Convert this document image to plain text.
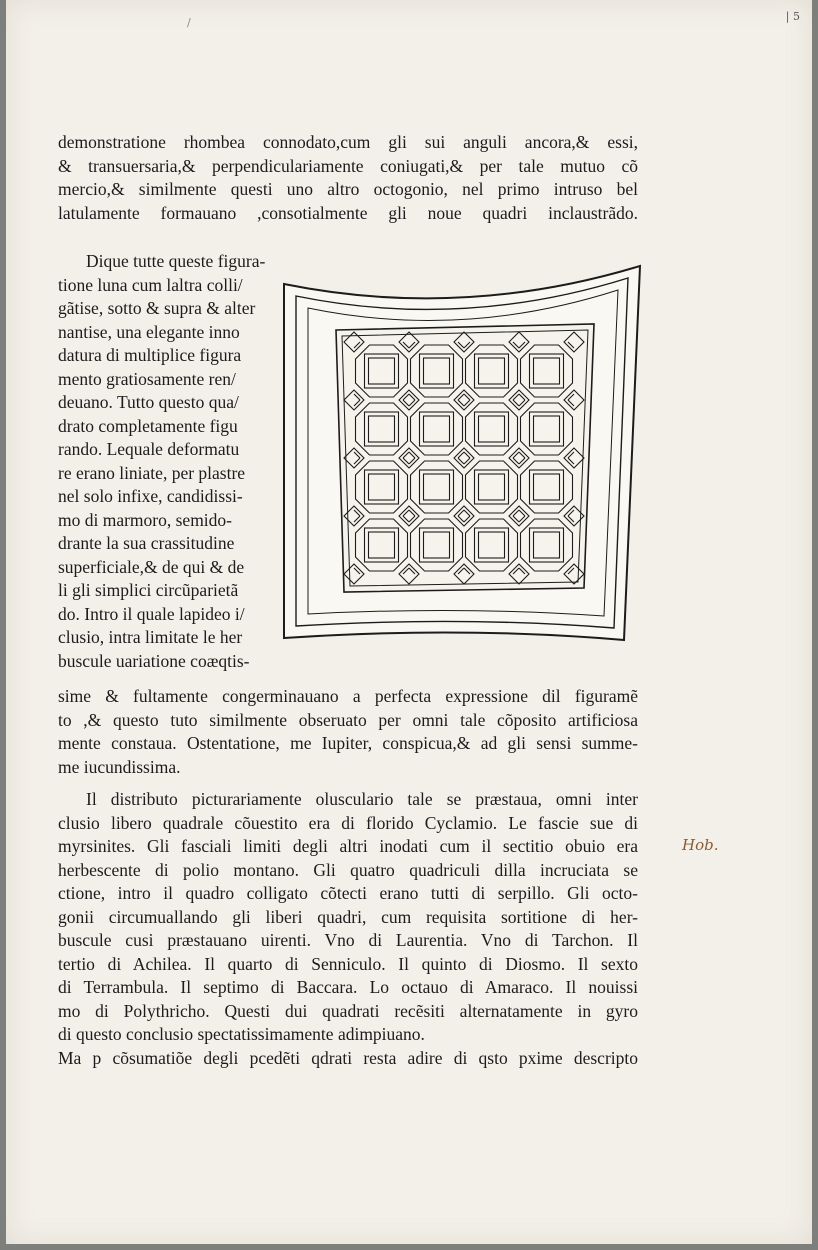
/	| 5
demonstratione rhombea connodato,cum gli sui anguli ancora,& essi,
& transuersaria,& perpendiculariamente coniugati,& per tale mutuo cõ
mercio,& similmente questi uno altro octogonio, nel primo intruso bel
latulamente formauano ,consotialmente gli noue quadri inclaustrãdo.
Dique tutte queste figura-
tione luna cum laltra colli/
gãtise, sotto & supra & alter
nantise, una elegante inno
datura di multiplice figura
mento gratiosamente ren/
deuano. Tutto questo qua/
drato completamente figu
rando. Lequale deformatu
re erano liniate, per plastre
nel solo infixe, candidissi-
mo di marmoro, semido-
drante la sua crassitudine
superficiale,& de qui & de
li gli simplici circũparietã
do. Intro il quale lapideo i/
clusio, intra limitate le her
buscule uariatione coæqtis-
sime & fultamente congerminauano a perfecta expressione dil figuramẽ
to ,& questo tuto similmente obseruato per omni tale cõposito artificiosa
mente constaua. Ostentatione, me Iupiter, conspicua,& ad gli sensi summe-
me iucundissima.
Il distributo picturariamente olusculario tale se præstaua, omni inter
clusio libero quadrale cõuestito era di florido Cyclamio. Le fascie sue di
myrsinites. Gli fasciali limiti degli altri inodati cum il sectitio obuio era
herbescente di polio montano. Gli quatro quadriculi dilla incruciata se
ctione, intro il quadro colligato cõtecti erano tutti di serpillo. Gli octo-
gonii circumuallando gli liberi quadri, cum requisita sortitione di her-
buscule cusi præstauano uirenti. Vno di Laurentia. Vno di Tarchon. Il
tertio di Achilea. Il quarto di Senniculo. Il quinto di Diosmo. Il sexto
di Terrambula. Il septimo di Baccara. Lo octauo di Amaraco. Il nouissi
mo di Polythricho. Questi dui quadrati recẽsiti alternatamente in gyro
di questo conclusio spectatissimamente adimpiuano.
Ma p cõsumatiõe degli pcedẽti qdrati resta adire di qsto pxime descripto
Hob.
